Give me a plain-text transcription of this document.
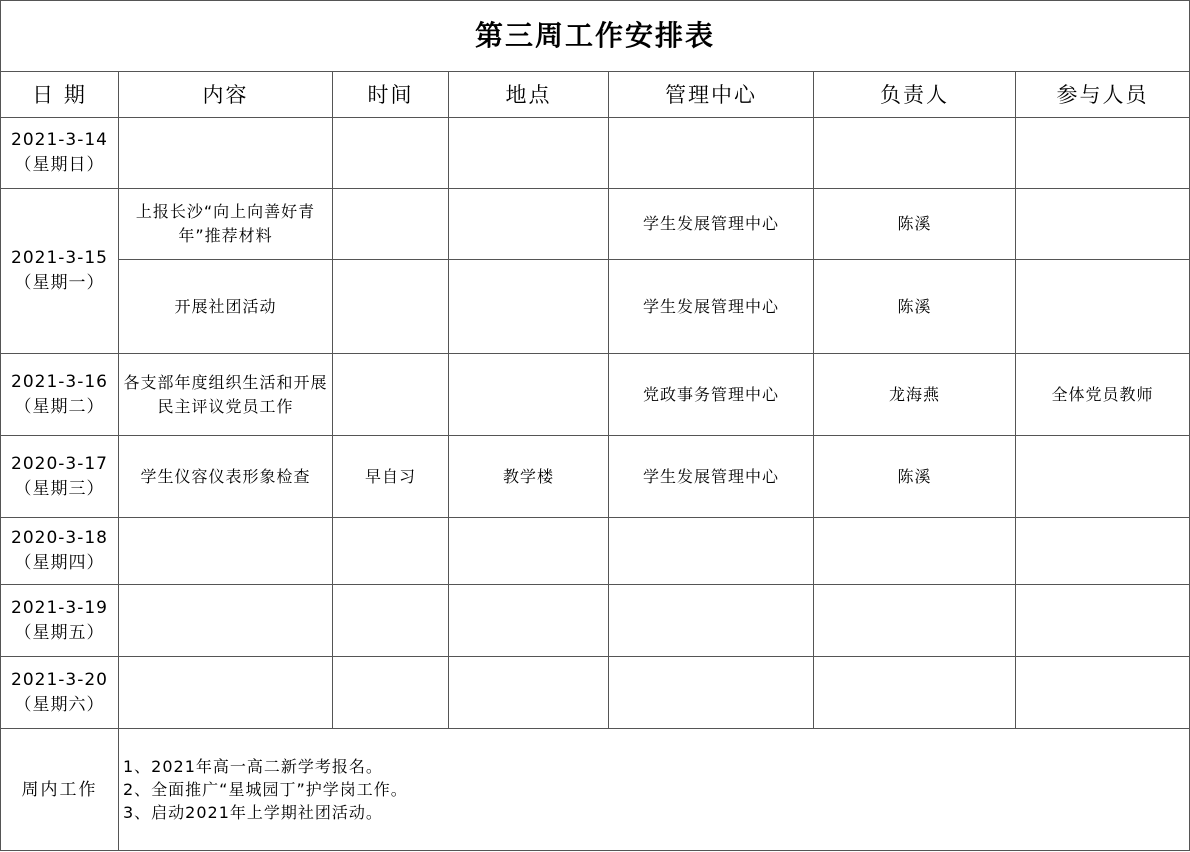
第三周工作安排表						
日 期	内容	时间	地点	管理中心	负责人	参与人员

2021-3-14
（星期日）						

2021-3-15
（星期一）	上报长沙“向上向善好青年”推荐材料			学生发展管理中心	陈溪	
	开展社团活动			学生发展管理中心	陈溪	

2021-3-16
（星期二）	各支部年度组织生活和开展民主评议党员工作			党政事务管理中心	龙海燕	全体党员教师

2020-3-17
（星期三）	学生仪容仪表形象检查	早自习	教学楼	学生发展管理中心	陈溪	

2020-3-18
（星期四）						

2021-3-19
（星期五）						

2021-3-20
（星期六）						

周内工作	1、2021年高一高二新学考报名。
2、全面推广“星城园丁”护学岗工作。
3、启动2021年上学期社团活动。					
